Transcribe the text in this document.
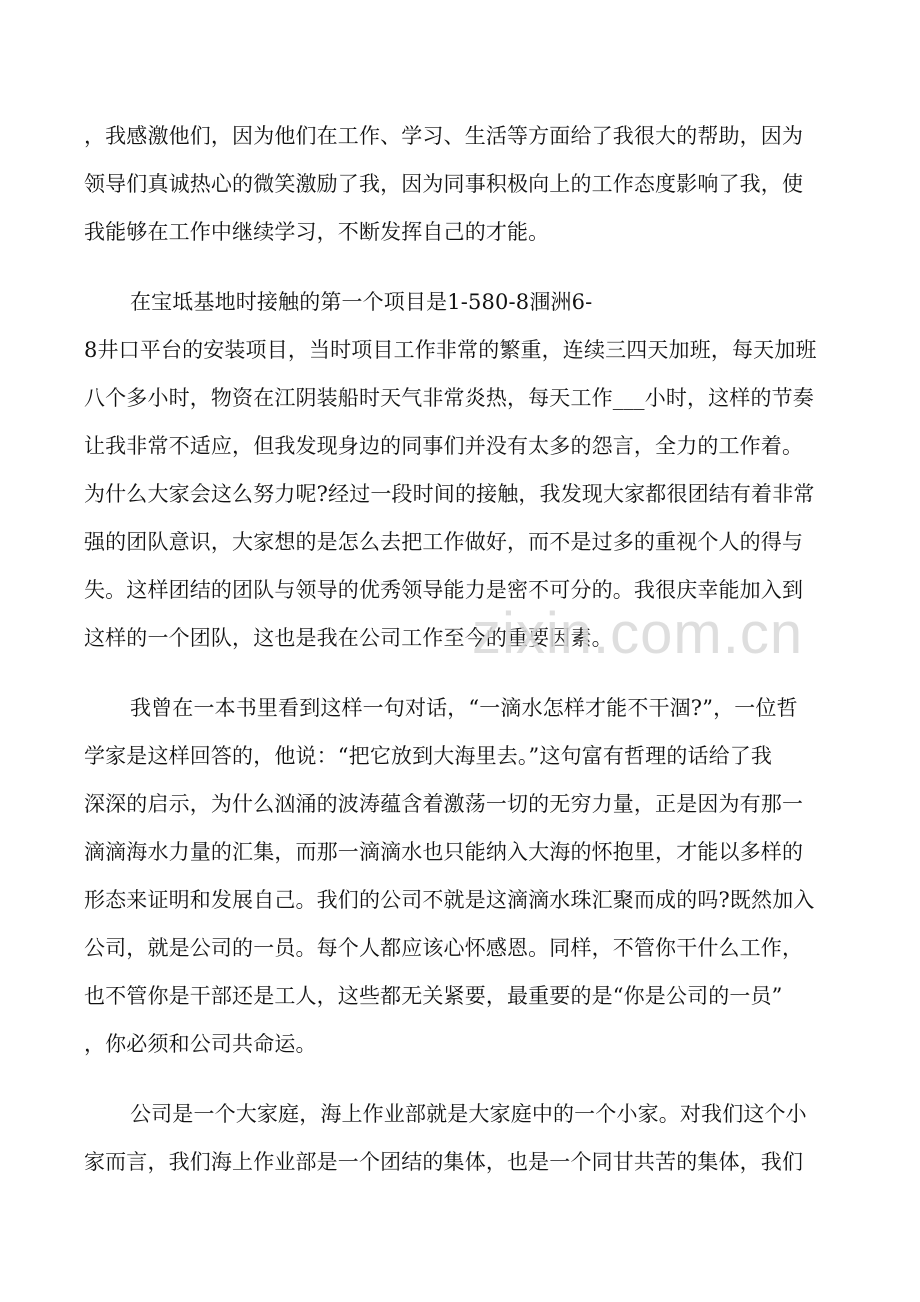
，我感激他们，因为他们在工作、学习、生活等方面给了我很大的帮助，因为
领导们真诚热心的微笑激励了我，因为同事积极向上的工作态度影响了我，使
我能够在工作中继续学习，不断发挥自己的才能。
在宝坻基地时接触的第一个项目是1-580-8涠洲6-
8井口平台的安装项目，当时项目工作非常的繁重，连续三四天加班，每天加班
八个多小时，物资在江阴装船时天气非常炎热，每天工作___小时，这样的节奏
让我非常不适应，但我发现身边的同事们并没有太多的怨言，全力的工作着。
为什么大家会这么努力呢?经过一段时间的接触，我发现大家都很团结有着非常
强的团队意识，大家想的是怎么去把工作做好，而不是过多的重视个人的得与
失。这样团结的团队与领导的优秀领导能力是密不可分的。我很庆幸能加入到
这样的一个团队，这也是我在公司工作至今的重要因素。
我曾在一本书里看到这样一句对话，“一滴水怎样才能不干涸?”，一位哲
学家是这样回答的，他说：“把它放到大海里去。”这句富有哲理的话给了我
深深的启示，为什么汹涌的波涛蕴含着激荡一切的无穷力量，正是因为有那一
滴滴海水力量的汇集，而那一滴滴水也只能纳入大海的怀抱里，才能以多样的
形态来证明和发展自己。我们的公司不就是这滴滴水珠汇聚而成的吗?既然加入
公司，就是公司的一员。每个人都应该心怀感恩。同样，不管你干什么工作，
也不管你是干部还是工人，这些都无关紧要，最重要的是“你是公司的一员”
，你必须和公司共命运。
公司是一个大家庭，海上作业部就是大家庭中的一个小家。对我们这个小
家而言，我们海上作业部是一个团结的集体，也是一个同甘共苦的集体，我们
zixin.com.cn
